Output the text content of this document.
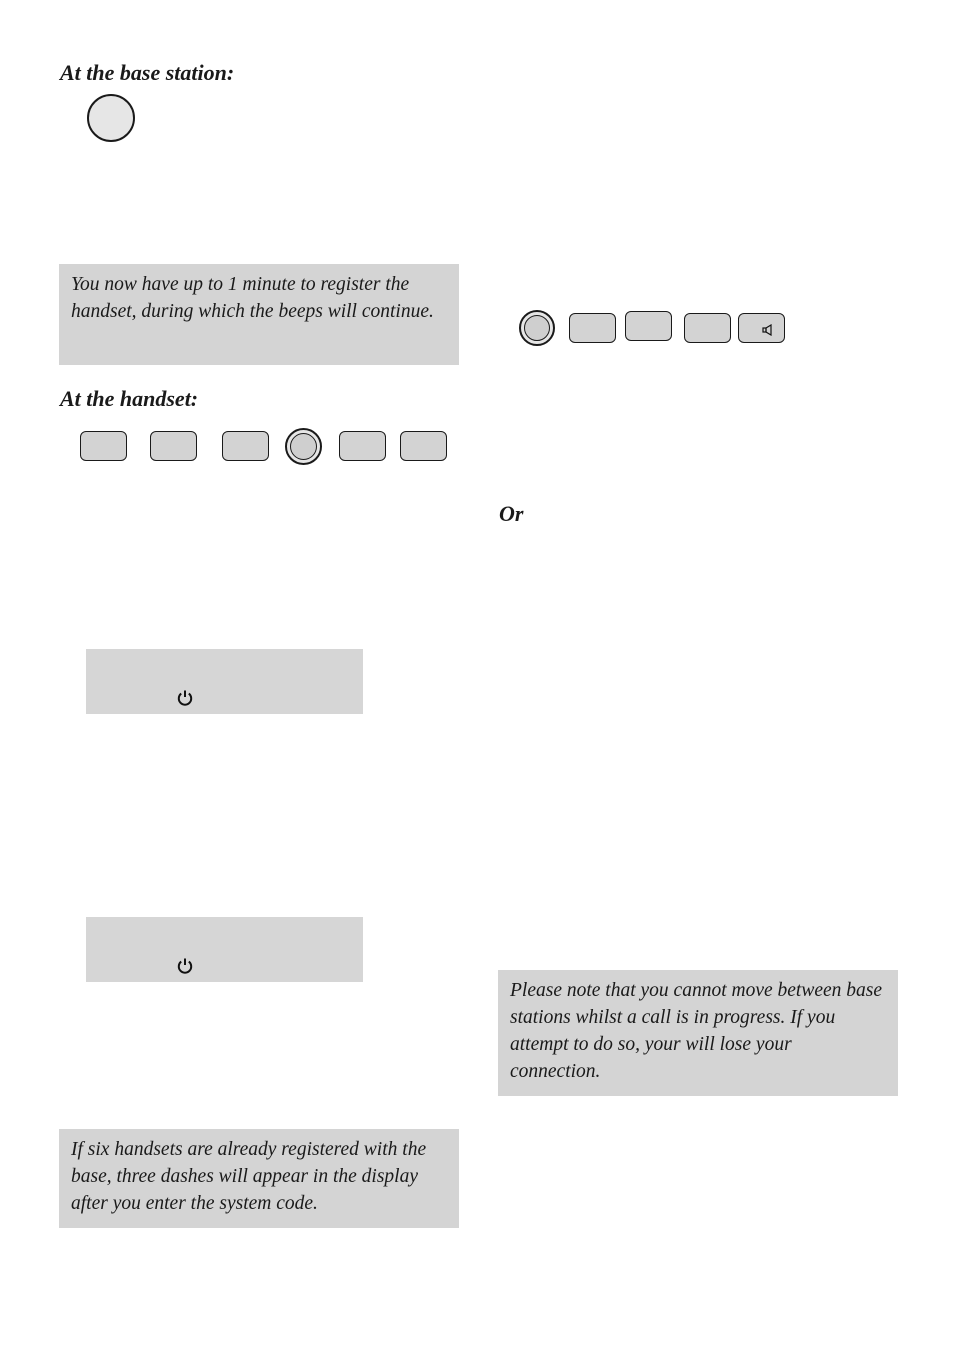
At the base station:
You now have up to 1 minute to register the handset, during which the beeps will continue.
At the handset:
If six handsets are already registered with the base, three dashes will appear in the display after you enter the system code.
Or
Please note that you cannot move between base stations whilst a call is in progress. If you attempt to do so, your will lose your connection.
